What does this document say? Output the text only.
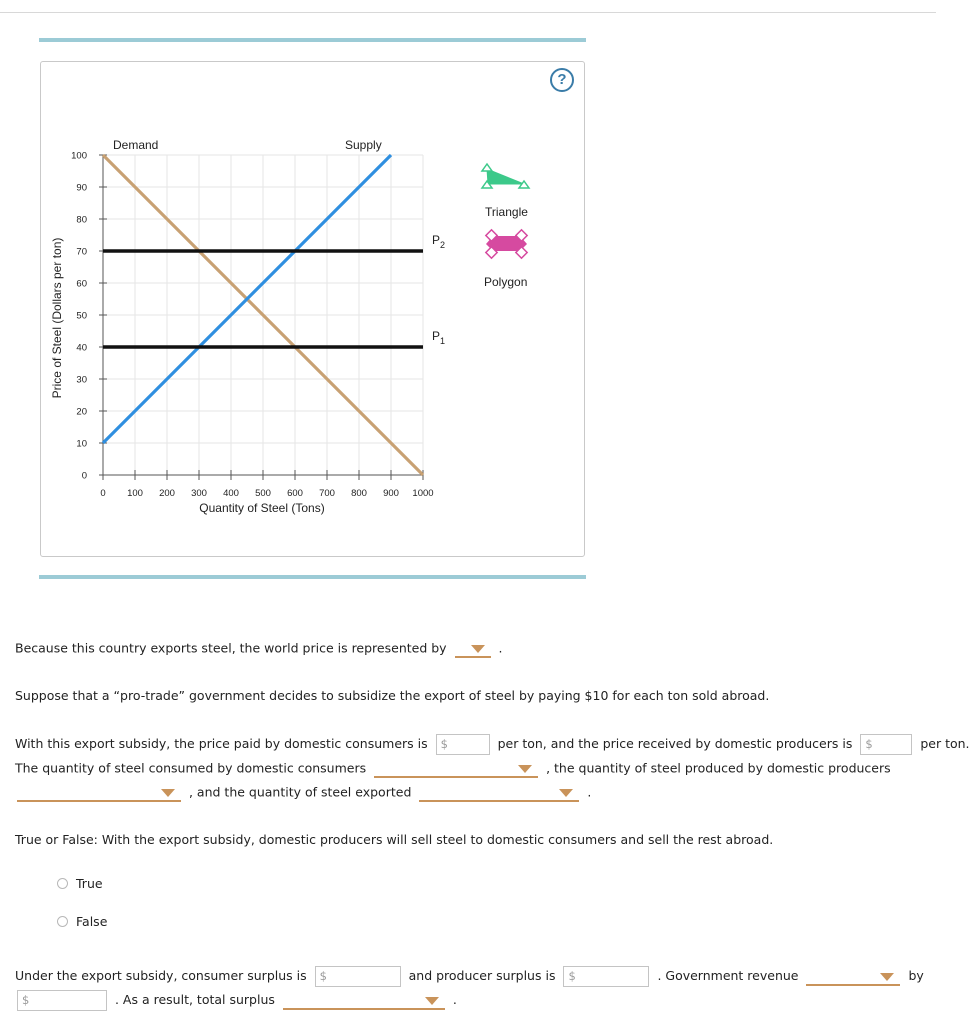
?
0 100 200 300 400 500 600 700 800 900 1000
0
10
20
30
40
50
60
70
80
90
100
Demand	Supply
$P_2$
$P_1$
Price of Steel (Dollars per ton)
Quantity of Steel (Tons)
Triangle
Polygon
Because this country exports steel, the world price is represented by	.
Suppose that a “pro-trade” government decides to subsidize the export of steel by paying $10 for each ton sold abroad.
With this export subsidy, the price paid by domestic consumers is $	per ton, and the price received by domestic producers is $	per ton.
The quantity of steel consumed by domestic consumers	, the quantity of steel produced by domestic producers
, and the quantity of steel exported	.
True or False: With the export subsidy, domestic producers will sell steel to domestic consumers and sell the rest abroad.
True
False
Under the export subsidy, consumer surplus is $	and producer surplus is $	. Government revenue	by
$	. As a result, total surplus	.
